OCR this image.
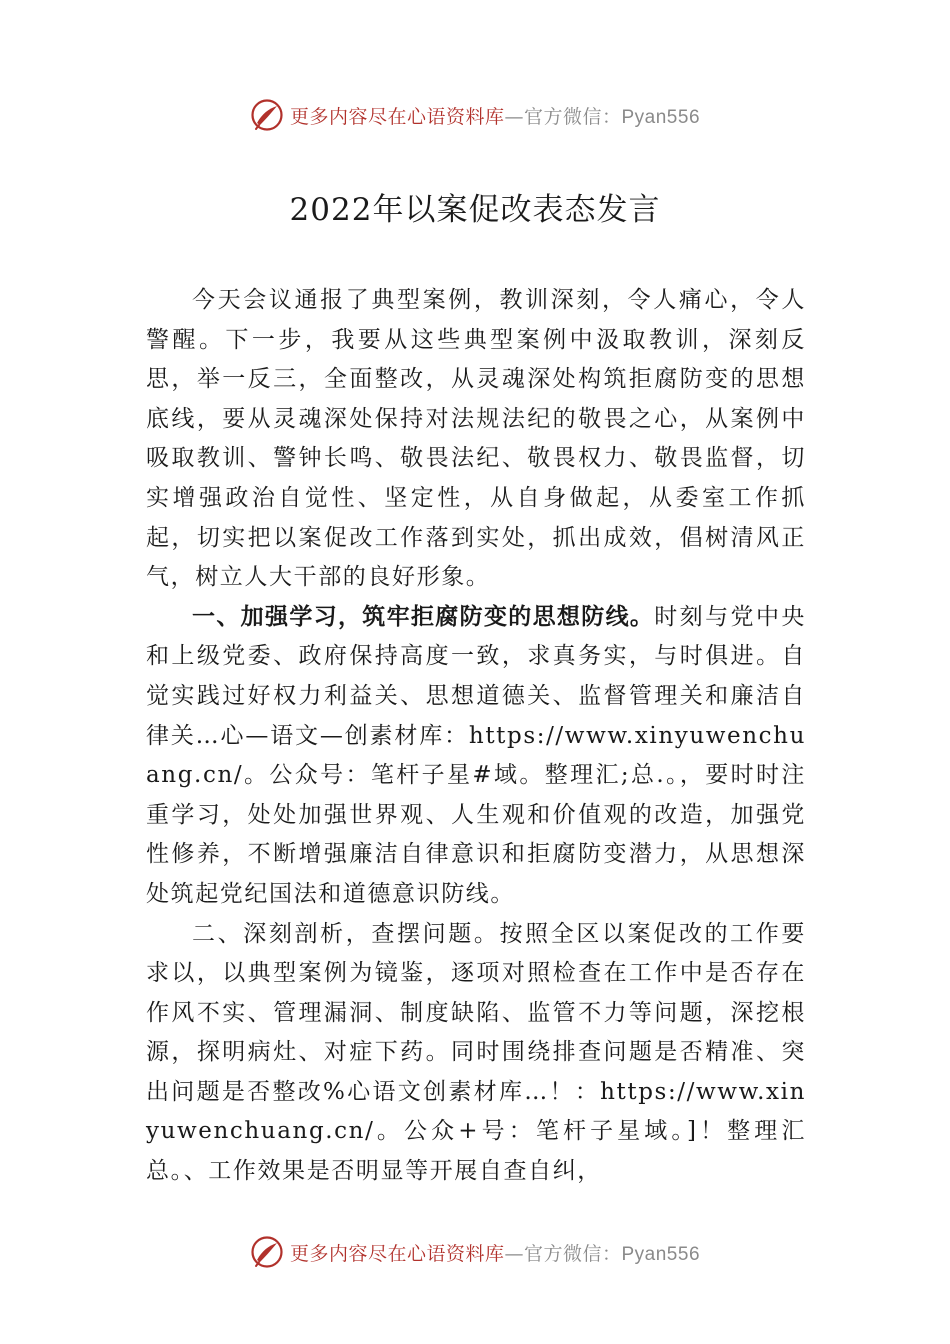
更多内容尽在心语资料库—官方微信：Pyan556
2022年以案促改表态发言

今天会议通报了典型案例，教训深刻，令人痛心，令人警醒。下一步，我要从这些典型案例中汲取教训，深刻反思，举一反三，全面整改，从灵魂深处构筑拒腐防变的思想底线，要从灵魂深处保持对法规法纪的敬畏之心，从案例中吸取教训、警钟长鸣、敬畏法纪、敬畏权力、敬畏监督，切实增强政治自觉性、坚定性，从自身做起，从委室工作抓起，切实把以案促改工作落到实处，抓出成效，倡树清风正气，树立人大干部的良好形象。

一、加强学习，筑牢拒腐防变的思想防线。时刻与党中央和上级党委、政府保持高度一致，求真务实，与时俱进。自觉实践过好权力利益关、思想道德关、监督管理关和廉洁自律关…心—语文—创素材库：https://www.xinyuwenchuang.cn/。公众号：笔杆子星#域。整理汇;总.。，要时时注重学习，处处加强世界观、人生观和价值观的改造，加强党性修养，不断增强廉洁自律意识和拒腐防变潜力，从思想深处筑起党纪国法和道德意识防线。

二、深刻剖析，查摆问题。按照全区以案促改的工作要求以，以典型案例为镜鉴，逐项对照检查在工作中是否存在作风不实、管理漏洞、制度缺陷、监管不力等问题，深挖根源，探明病灶、对症下药。同时围绕排查问题是否精准、突出问题是否整改%心语文创素材库…！：https://www.xinyuwenchuang.cn/。公众+号：笔杆子星域。]！整理汇总。、工作效果是否明显等开展自查自纠，

更多内容尽在心语资料库—官方微信：Pyan556
